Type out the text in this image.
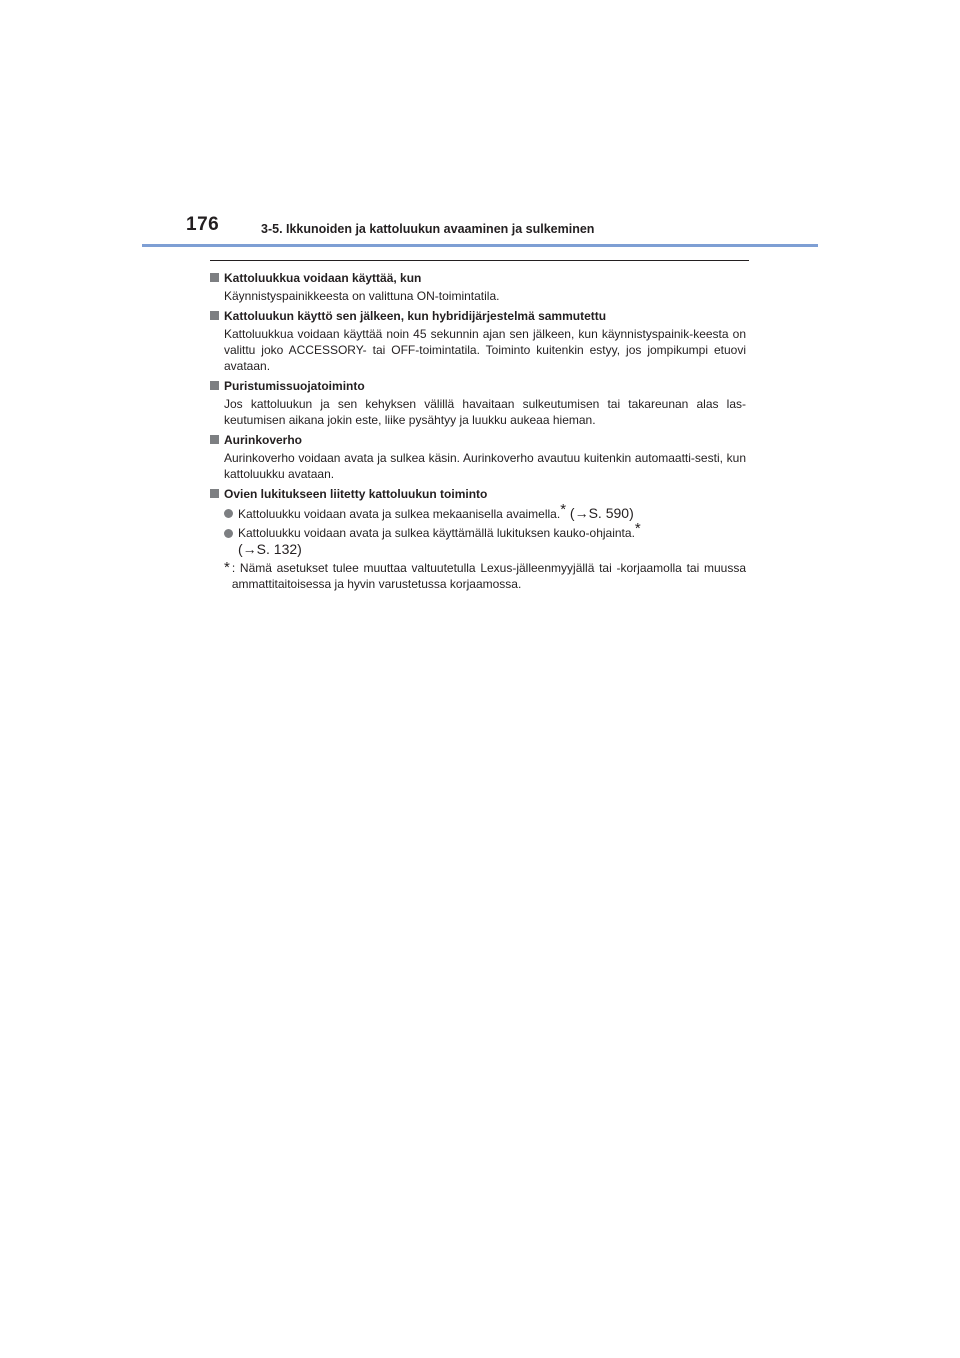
176	3-5. Ikkunoiden ja kattoluukun avaaminen ja sulkeminen
Kattoluukkua voidaan käyttää, kun
Käynnistyspainikkeesta on valittuna ON-toimintatila.
Kattoluukun käyttö sen jälkeen, kun hybridijärjestelmä sammutettu
Kattoluukkua voidaan käyttää noin 45 sekunnin ajan sen jälkeen, kun käynnistyspainik-keesta on valittu joko ACCESSORY- tai OFF-toimintatila. Toiminto kuitenkin estyy, jos jompikumpi etuovi avataan.
Puristumissuojatoiminto
Jos kattoluukun ja sen kehyksen välillä havaitaan sulkeutumisen tai takareunan alas las-keutumisen aikana jokin este, liike pysähtyy ja luukku aukeaa hieman.
Aurinkoverho
Aurinkoverho voidaan avata ja sulkea käsin. Aurinkoverho avautuu kuitenkin automaatti-sesti, kun kattoluukku avataan.
Ovien lukitukseen liitetty kattoluukun toiminto
Kattoluukku voidaan avata ja sulkea mekaanisella avaimella.* (→S. 590)
Kattoluukku voidaan avata ja sulkea käyttämällä lukituksen kauko-ohjainta.*
(→S. 132)
* : Nämä asetukset tulee muuttaa valtuutetulla Lexus-jälleenmyyjällä tai -korjaamolla tai muussa ammattitaitoisessa ja hyvin varustetussa korjaamossa.
